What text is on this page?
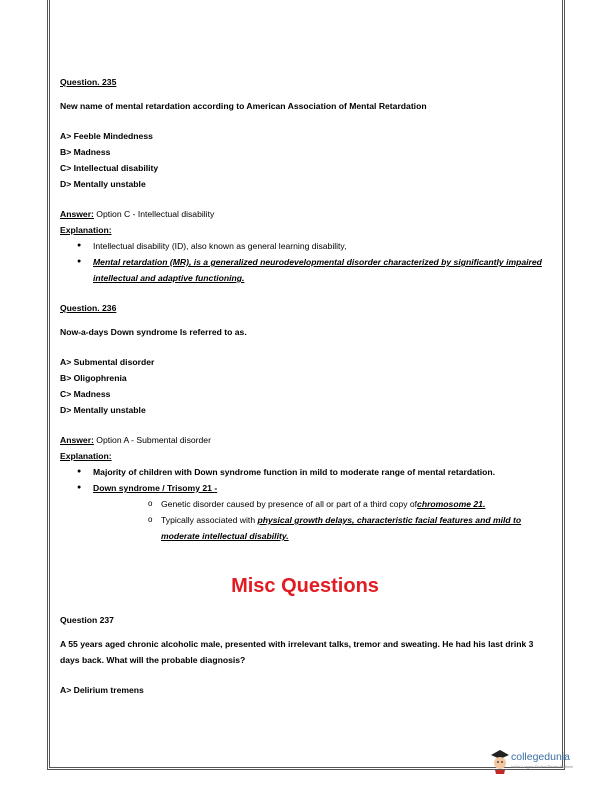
Question. 235
New name of mental retardation according to American Association of Mental Retardation
A> Feeble Mindedness
B> Madness
C> Intellectual disability
D> Mentally unstable
Answer: Option C - Intellectual disability
Explanation:
● Intellectual disability (ID), also known as general learning disability,
● Mental retardation (MR), is a generalized neurodevelopmental disorder characterized by significantly impaired intellectual and adaptive functioning.
Question. 236
Now-a-days Down syndrome Is referred to as.
A> Submental disorder
B> Oligophrenia
C> Madness
D> Mentally unstable
Answer: Option A - Submental disorder
Explanation:
● Majority of children with Down syndrome function in mild to moderate range of mental retardation.
● Down syndrome / Trisomy 21 -
o Genetic disorder caused by presence of all or part of a third copy ofchromosome 21.
o Typically associated with physical growth delays, characteristic facial features and mild to moderate intellectual disability.
Misc Questions
Question 237
A 55 years aged chronic alcoholic male, presented with irrelevant talks, tremor and sweating. He had his last drink 3 days back. What will the probable diagnosis?
A> Delirium tremens
collegedunia
India's Largest Student Review Platform
